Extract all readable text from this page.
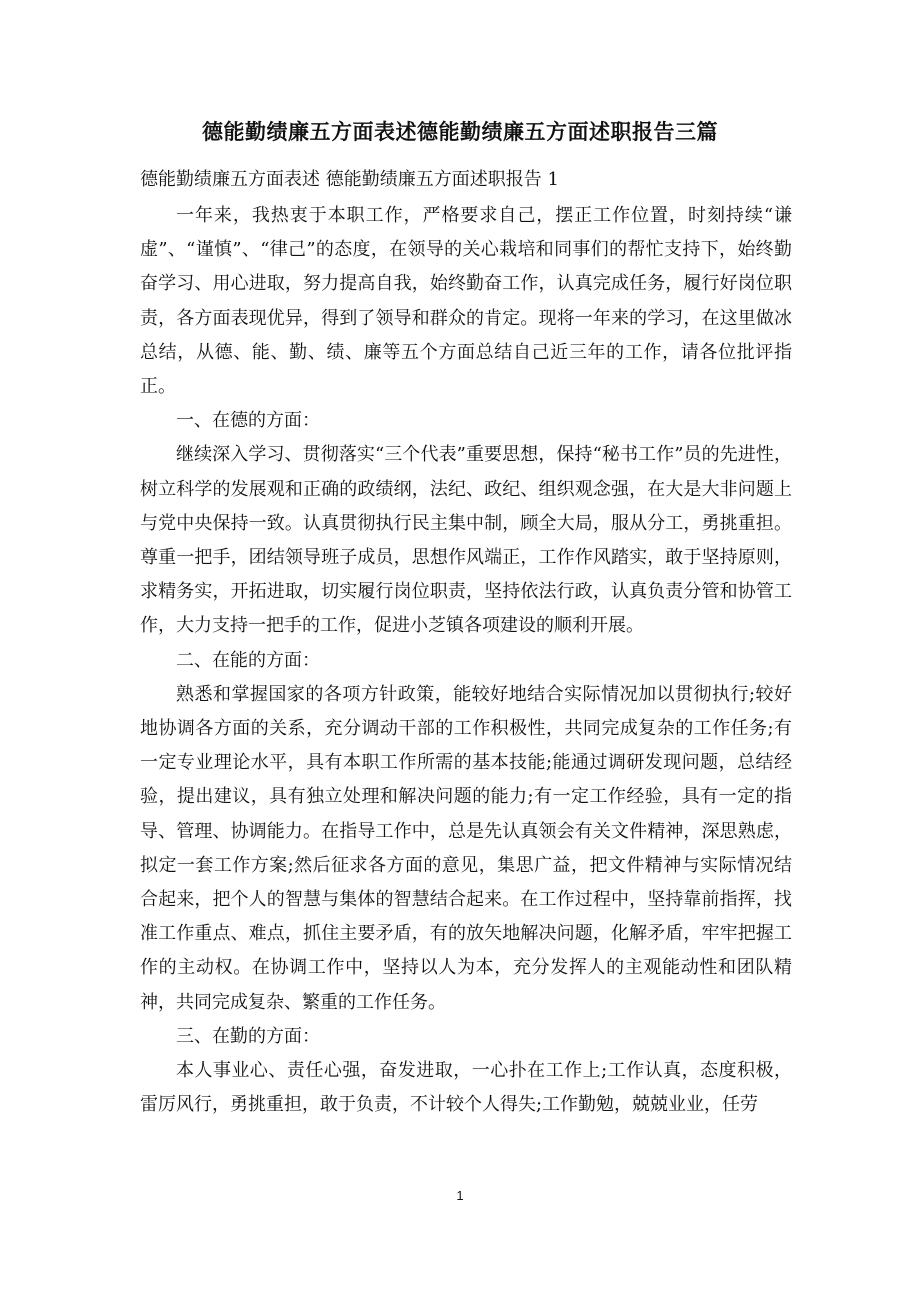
德能勤绩廉五方面表述德能勤绩廉五方面述职报告三篇
德能勤绩廉五方面表述 德能勤绩廉五方面述职报告 1

一年来，我热衷于本职工作，严格要求自己，摆正工作位置，时刻持续“谦虚”、“谨慎”、“律己”的态度，在领导的关心栽培和同事们的帮忙支持下，始终勤奋学习、用心进取，努力提高自我，始终勤奋工作，认真完成任务，履行好岗位职责，各方面表现优异，得到了领导和群众的肯定。现将一年来的学习，在这里做冰总结，从德、能、勤、绩、廉等五个方面总结自己近三年的工作，请各位批评指正。

一、在德的方面：

继续深入学习、贯彻落实“三个代表”重要思想，保持“秘书工作”员的先进性，树立科学的发展观和正确的政绩纲，法纪、政纪、组织观念强，在大是大非问题上与党中央保持一致。认真贯彻执行民主集中制，顾全大局，服从分工，勇挑重担。尊重一把手，团结领导班子成员，思想作风端正，工作作风踏实，敢于坚持原则，求精务实，开拓进取，切实履行岗位职责，坚持依法行政，认真负责分管和协管工作，大力支持一把手的工作，促进小芝镇各项建设的顺利开展。

二、在能的方面：

熟悉和掌握国家的各项方针政策，能较好地结合实际情况加以贯彻执行;较好地协调各方面的关系，充分调动干部的工作积极性，共同完成复杂的工作任务;有一定专业理论水平，具有本职工作所需的基本技能;能通过调研发现问题，总结经验，提出建议，具有独立处理和解决问题的能力;有一定工作经验，具有一定的指导、管理、协调能力。在指导工作中，总是先认真领会有关文件精神，深思熟虑，拟定一套工作方案;然后征求各方面的意见，集思广益，把文件精神与实际情况结合起来，把个人的智慧与集体的智慧结合起来。在工作过程中，坚持靠前指挥，找准工作重点、难点，抓住主要矛盾，有的放矢地解决问题，化解矛盾，牢牢把握工作的主动权。在协调工作中，坚持以人为本，充分发挥人的主观能动性和团队精神，共同完成复杂、繁重的工作任务。

三、在勤的方面：

本人事业心、责任心强，奋发进取，一心扑在工作上;工作认真，态度积极，雷厉风行，勇挑重担，敢于负责，不计较个人得失;工作勤勉，兢兢业业，任劳

1
